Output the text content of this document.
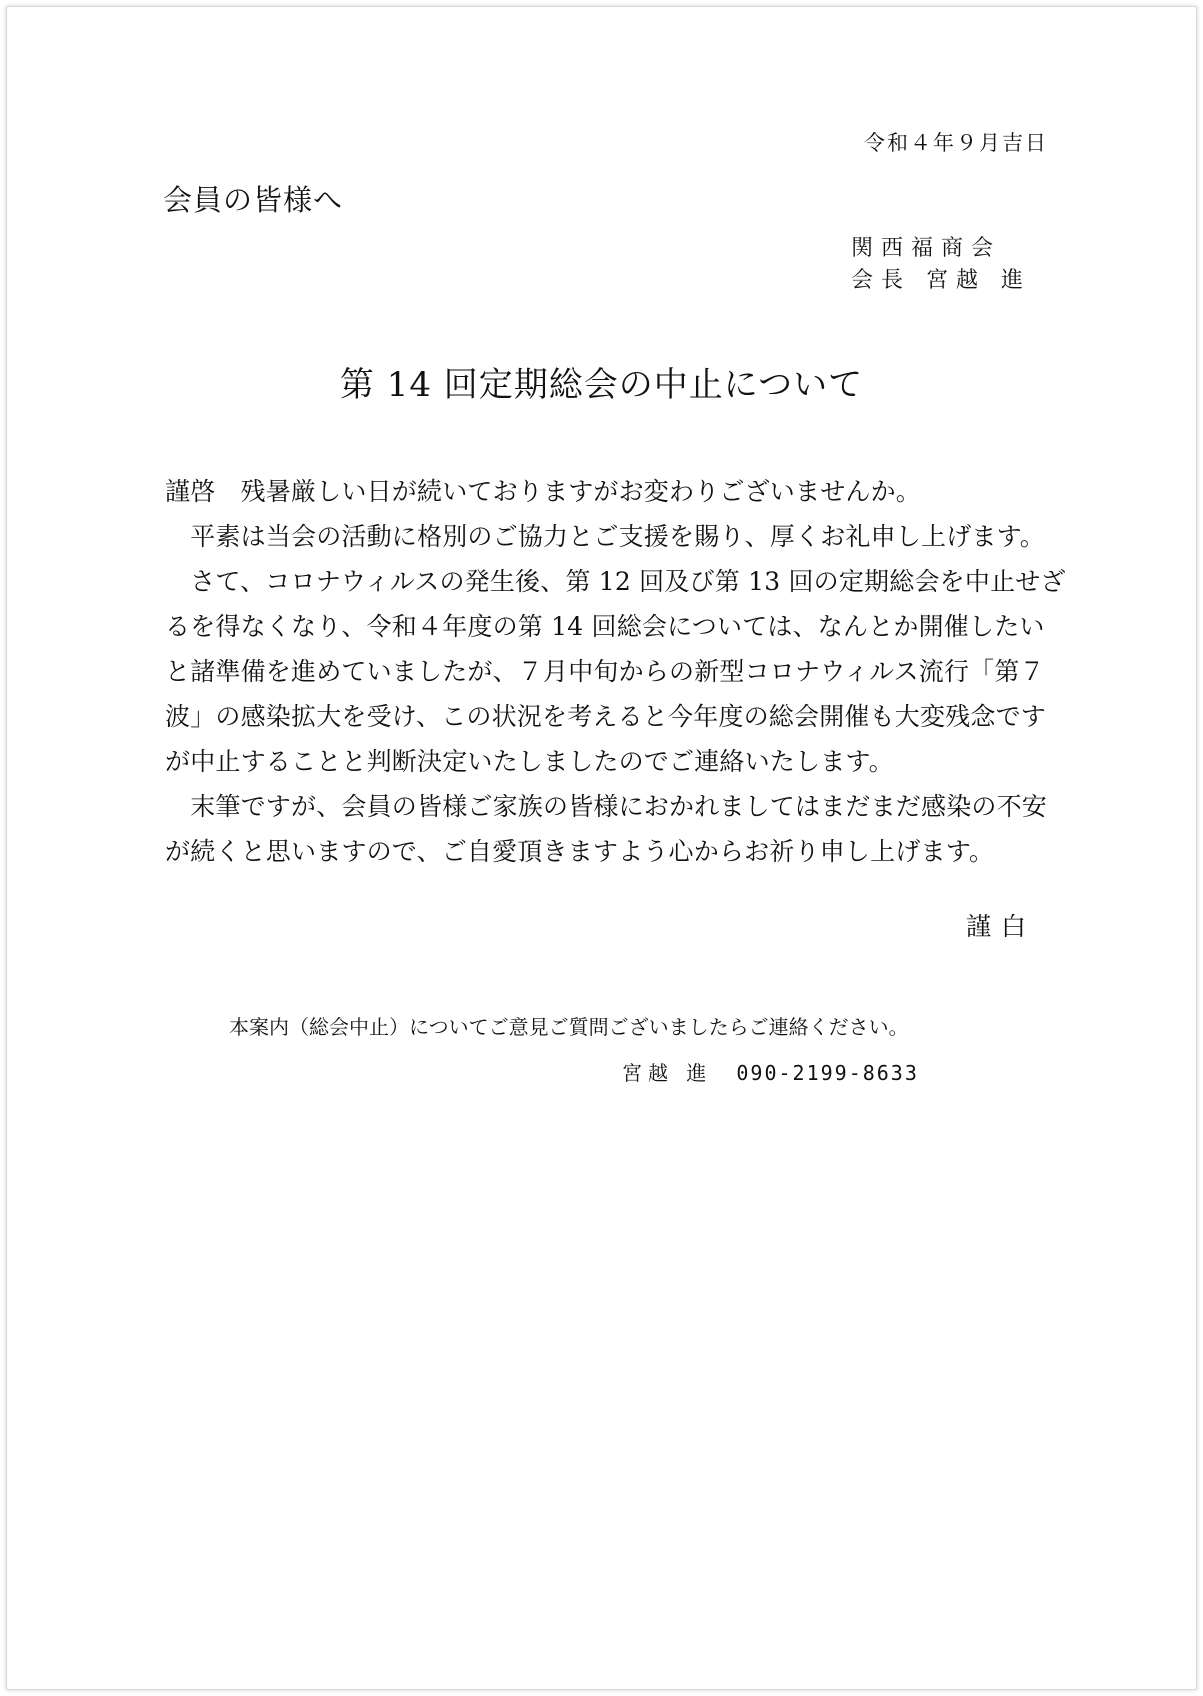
令和４年９月吉日

会員の皆様へ

関西福商会
会長 宮越 進
第 14 回定期総会の中止について

謹啓　残暑厳しい日が続いておりますがお変わりございませんか。

　平素は当会の活動に格別のご協力とご支援を賜り、厚くお礼申し上げます。

　さて、コロナウィルスの発生後、第 12 回及び第 13 回の定期総会を中止せざ

るを得なくなり、令和４年度の第 14 回総会については、なんとか開催したい

と諸準備を進めていましたが、７月中旬からの新型コロナウィルス流行「第７

波」の感染拡大を受け、この状況を考えると今年度の総会開催も大変残念です

が中止することと判断決定いたしましたのでご連絡いたします。

　末筆ですが、会員の皆様ご家族の皆様におかれましてはまだまだ感染の不安

が続くと思いますので、ご自愛頂きますよう心からお祈り申し上げます。

謹白

本案内（総会中止）についてご意見ご質問ございましたらご連絡ください。

宮越 進 090-2199-8633
